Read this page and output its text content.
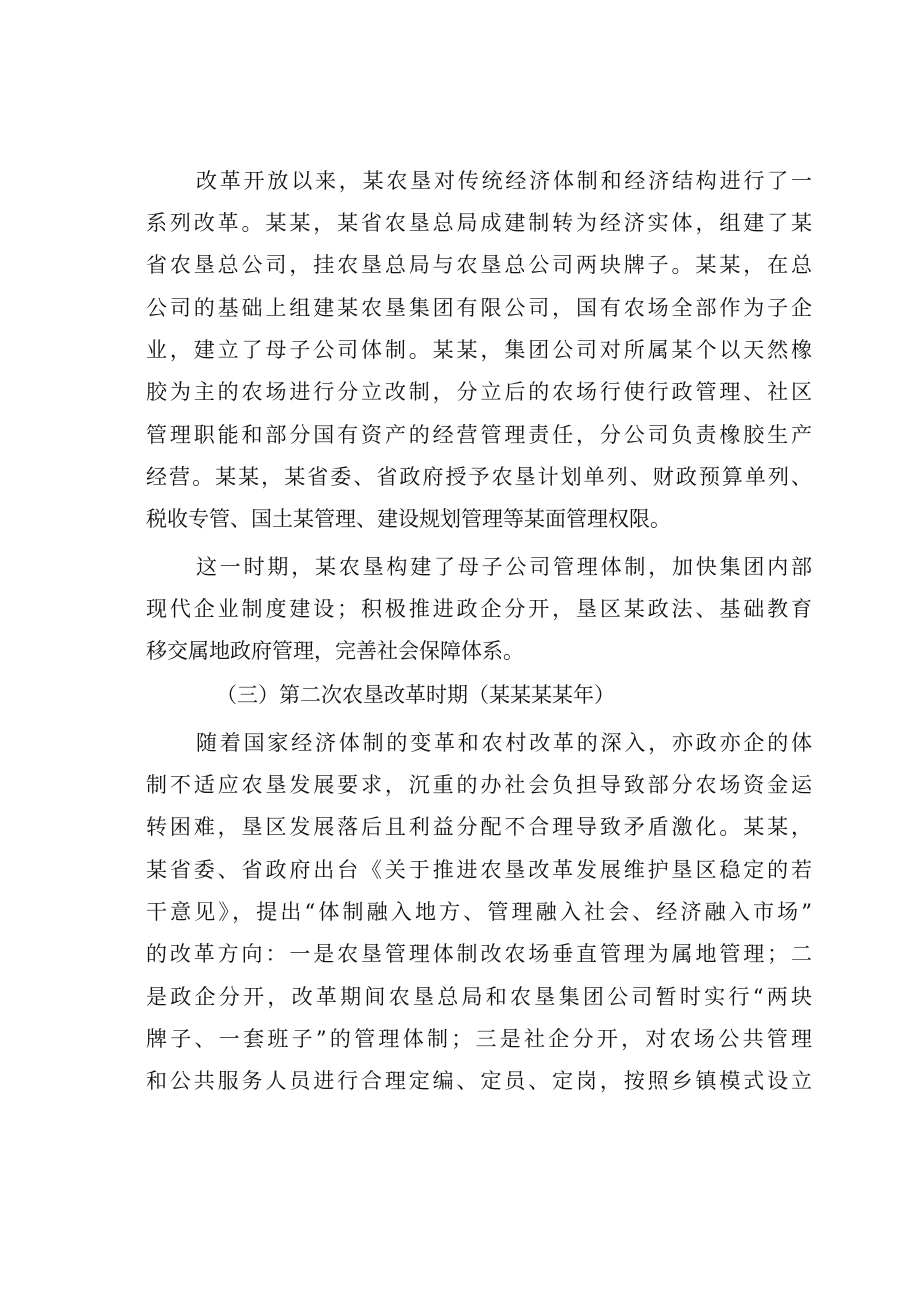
改革开放以来，某农垦对传统经济体制和经济结构进行了一
系列改革。某某，某省农垦总局成建制转为经济实体，组建了某
省农垦总公司，挂农垦总局与农垦总公司两块牌子。某某，在总
公司的基础上组建某农垦集团有限公司，国有农场全部作为子企
业，建立了母子公司体制。某某，集团公司对所属某个以天然橡
胶为主的农场进行分立改制，分立后的农场行使行政管理、社区
管理职能和部分国有资产的经营管理责任，分公司负责橡胶生产
经营。某某，某省委、省政府授予农垦计划单列、财政预算单列、
税收专管、国土某管理、建设规划管理等某面管理权限。
这一时期，某农垦构建了母子公司管理体制，加快集团内部
现代企业制度建设；积极推进政企分开，垦区某政法、基础教育
移交属地政府管理，完善社会保障体系。
（三）第二次农垦改革时期（某某某某年）
随着国家经济体制的变革和农村改革的深入，亦政亦企的体
制不适应农垦发展要求，沉重的办社会负担导致部分农场资金运
转困难，垦区发展落后且利益分配不合理导致矛盾激化。某某，
某省委、省政府出台《关于推进农垦改革发展维护垦区稳定的若
干意见》，提出“体制融入地方、管理融入社会、经济融入市场”
的改革方向：一是农垦管理体制改农场垂直管理为属地管理；二
是政企分开，改革期间农垦总局和农垦集团公司暂时实行“两块
牌子、一套班子”的管理体制；三是社企分开，对农场公共管理
和公共服务人员进行合理定编、定员、定岗，按照乡镇模式设立
